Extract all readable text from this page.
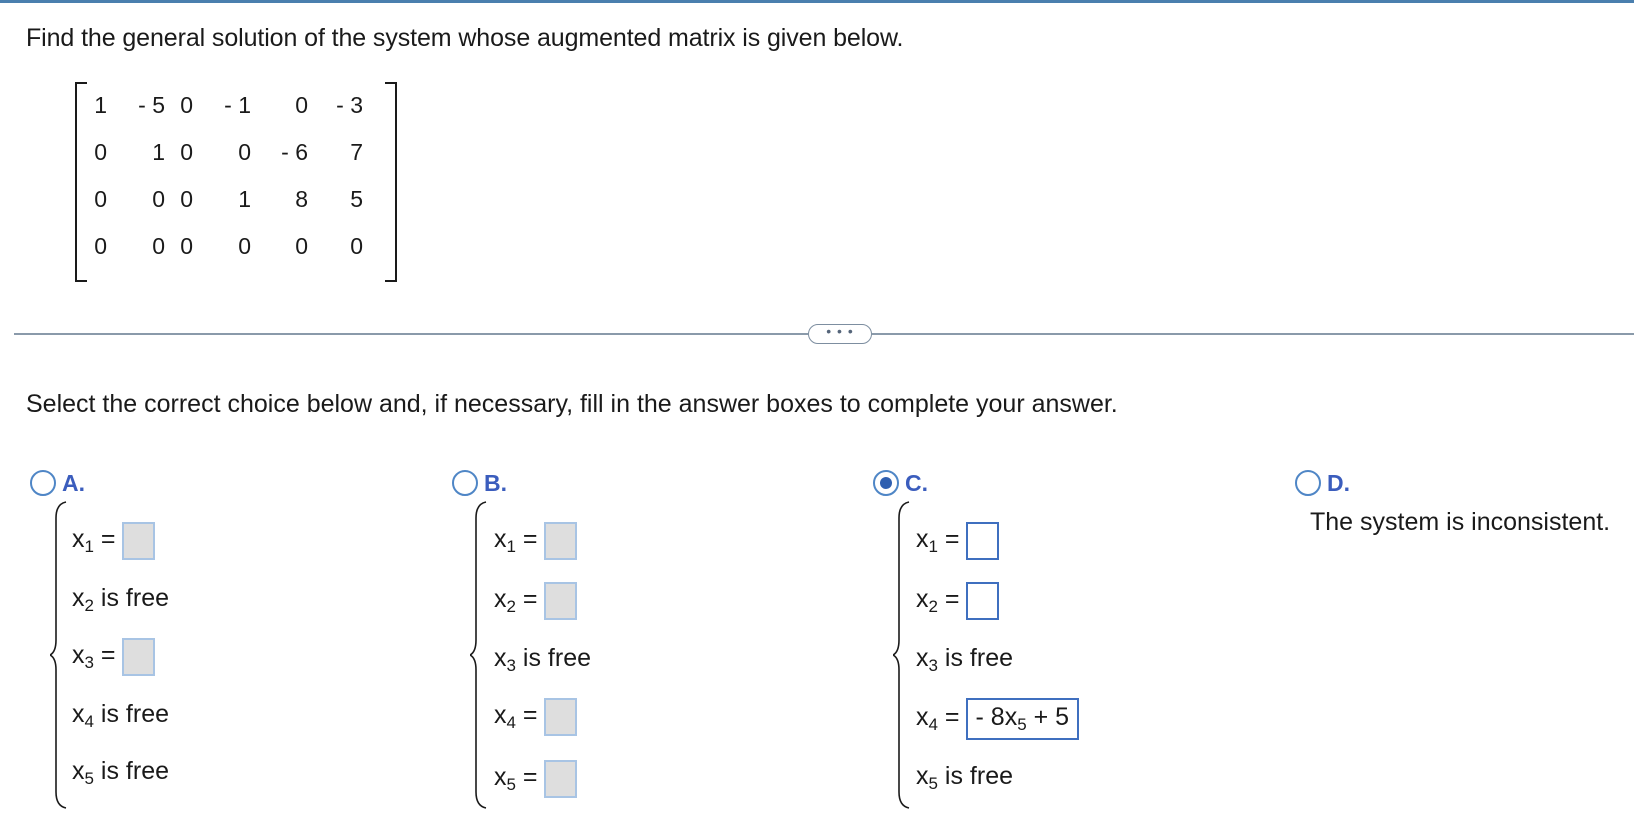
Find the general solution of the system whose augmented matrix is given below.
1	- 5 0	- 1	0	- 3
0	1 0	0	- 6	7
0	0 0	1	8	5
0	0 0	0	0	0
• • •
Select the correct choice below and, if necessary, fill in the answer boxes to complete your answer.
A.
$x_1$ =
$x_2$ is free
$x_3$ =
$x_4$ is free
$x_5$ is free
B.
$x_1$ =
$x_2$ =
$x_3$ is free
$x_4$ =
$x_5$ =
C.
$x_1$ =
$x_2$ =
$x_3$ is free
$x_4$ = - $8x_5 + 5$
$x_5$ is free
D.
The system is inconsistent.
